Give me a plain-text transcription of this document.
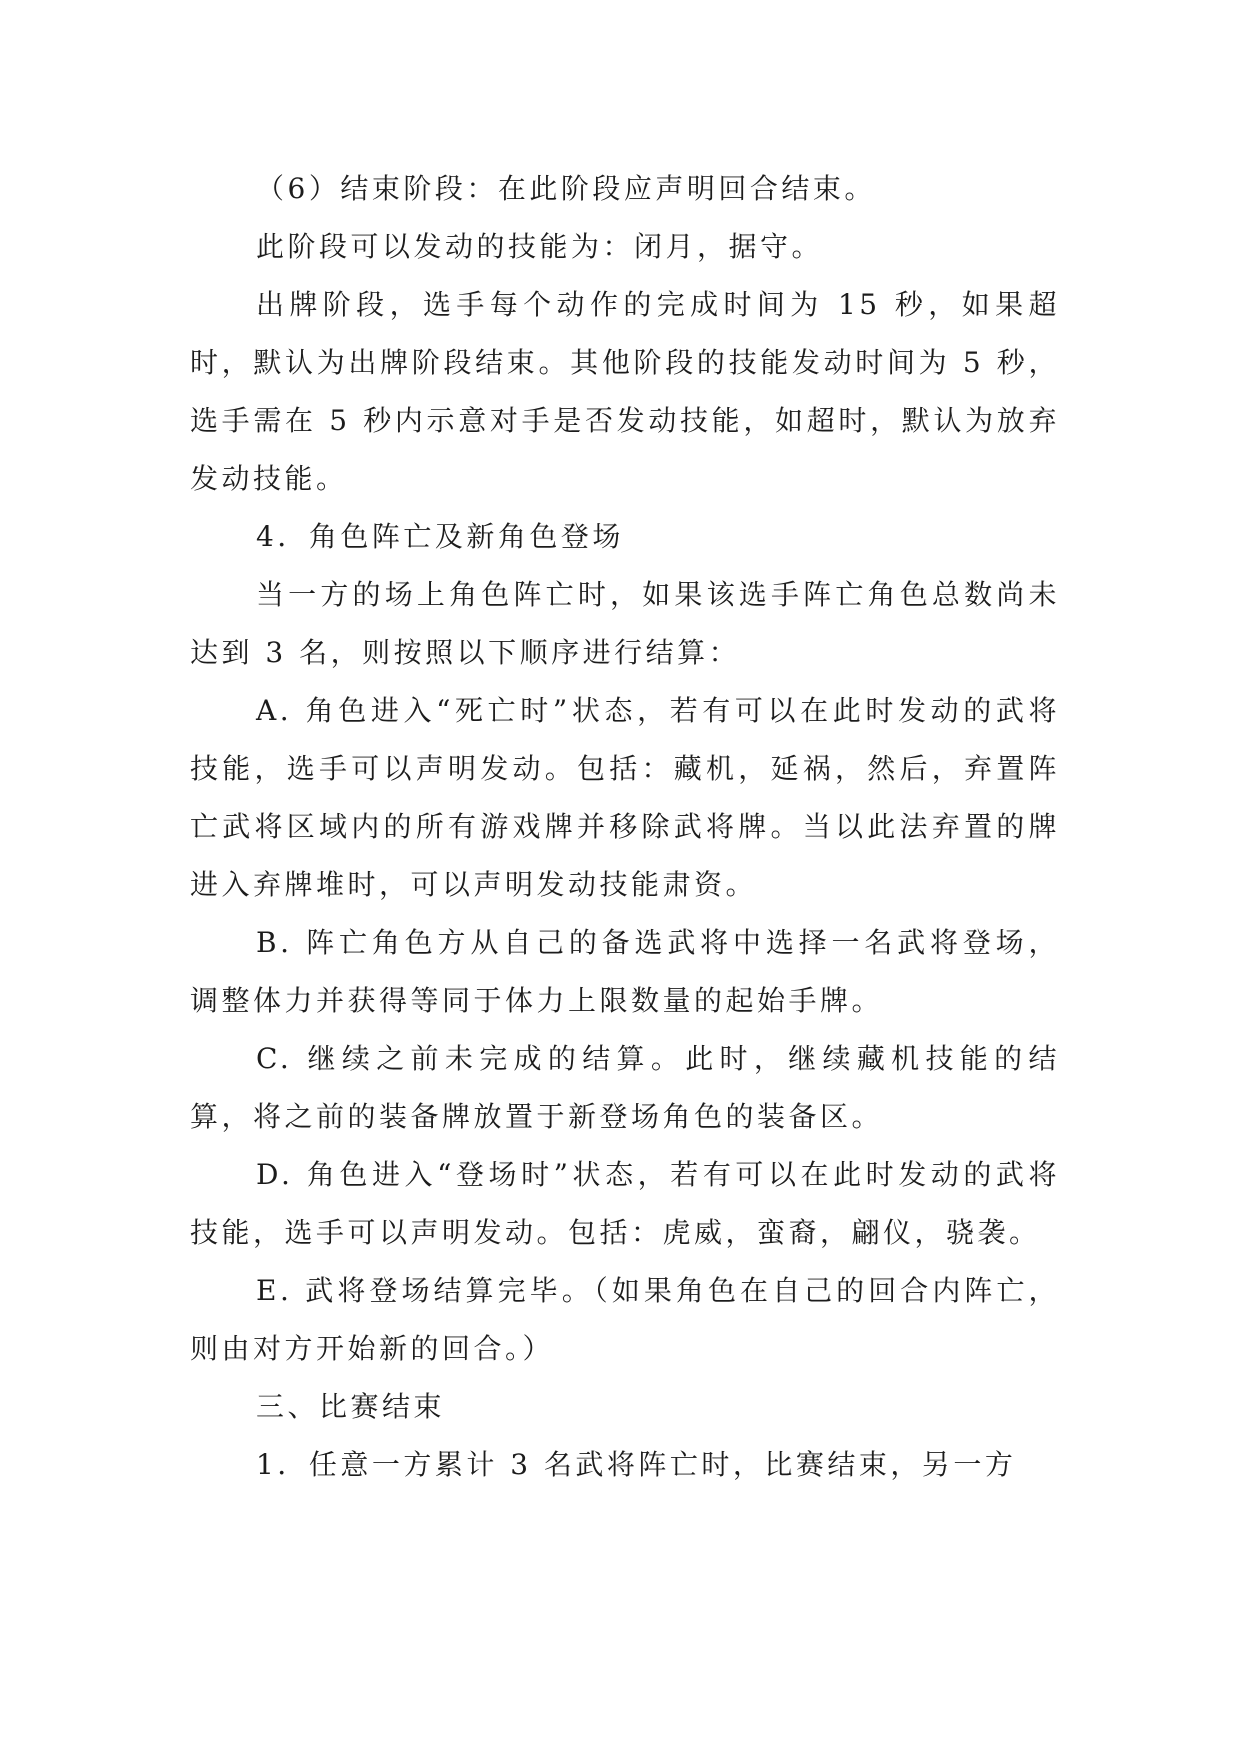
（6）结束阶段：在此阶段应声明回合结束。

此阶段可以发动的技能为：闭月，据守。

出牌阶段，选手每个动作的完成时间为 15 秒，如果超时，默认为出牌阶段结束。其他阶段的技能发动时间为 5 秒，选手需在 5 秒内示意对手是否发动技能，如超时，默认为放弃发动技能。

4．角色阵亡及新角色登场

当一方的场上角色阵亡时，如果该选手阵亡角色总数尚未达到 3 名，则按照以下顺序进行结算：

A. 角色进入“死亡时”状态，若有可以在此时发动的武将技能，选手可以声明发动。包括：藏机，延祸，然后，弃置阵亡武将区域内的所有游戏牌并移除武将牌。当以此法弃置的牌进入弃牌堆时，可以声明发动技能肃资。

B. 阵亡角色方从自己的备选武将中选择一名武将登场，调整体力并获得等同于体力上限数量的起始手牌。

C. 继续之前未完成的结算。此时，继续藏机技能的结算，将之前的装备牌放置于新登场角色的装备区。

D. 角色进入“登场时”状态，若有可以在此时发动的武将技能，选手可以声明发动。包括：虎威，蛮裔，翩仪，骁袭。

E. 武将登场结算完毕。（如果角色在自己的回合内阵亡，则由对方开始新的回合。）

三、比赛结束

1．任意一方累计 3 名武将阵亡时，比赛结束，另一方
